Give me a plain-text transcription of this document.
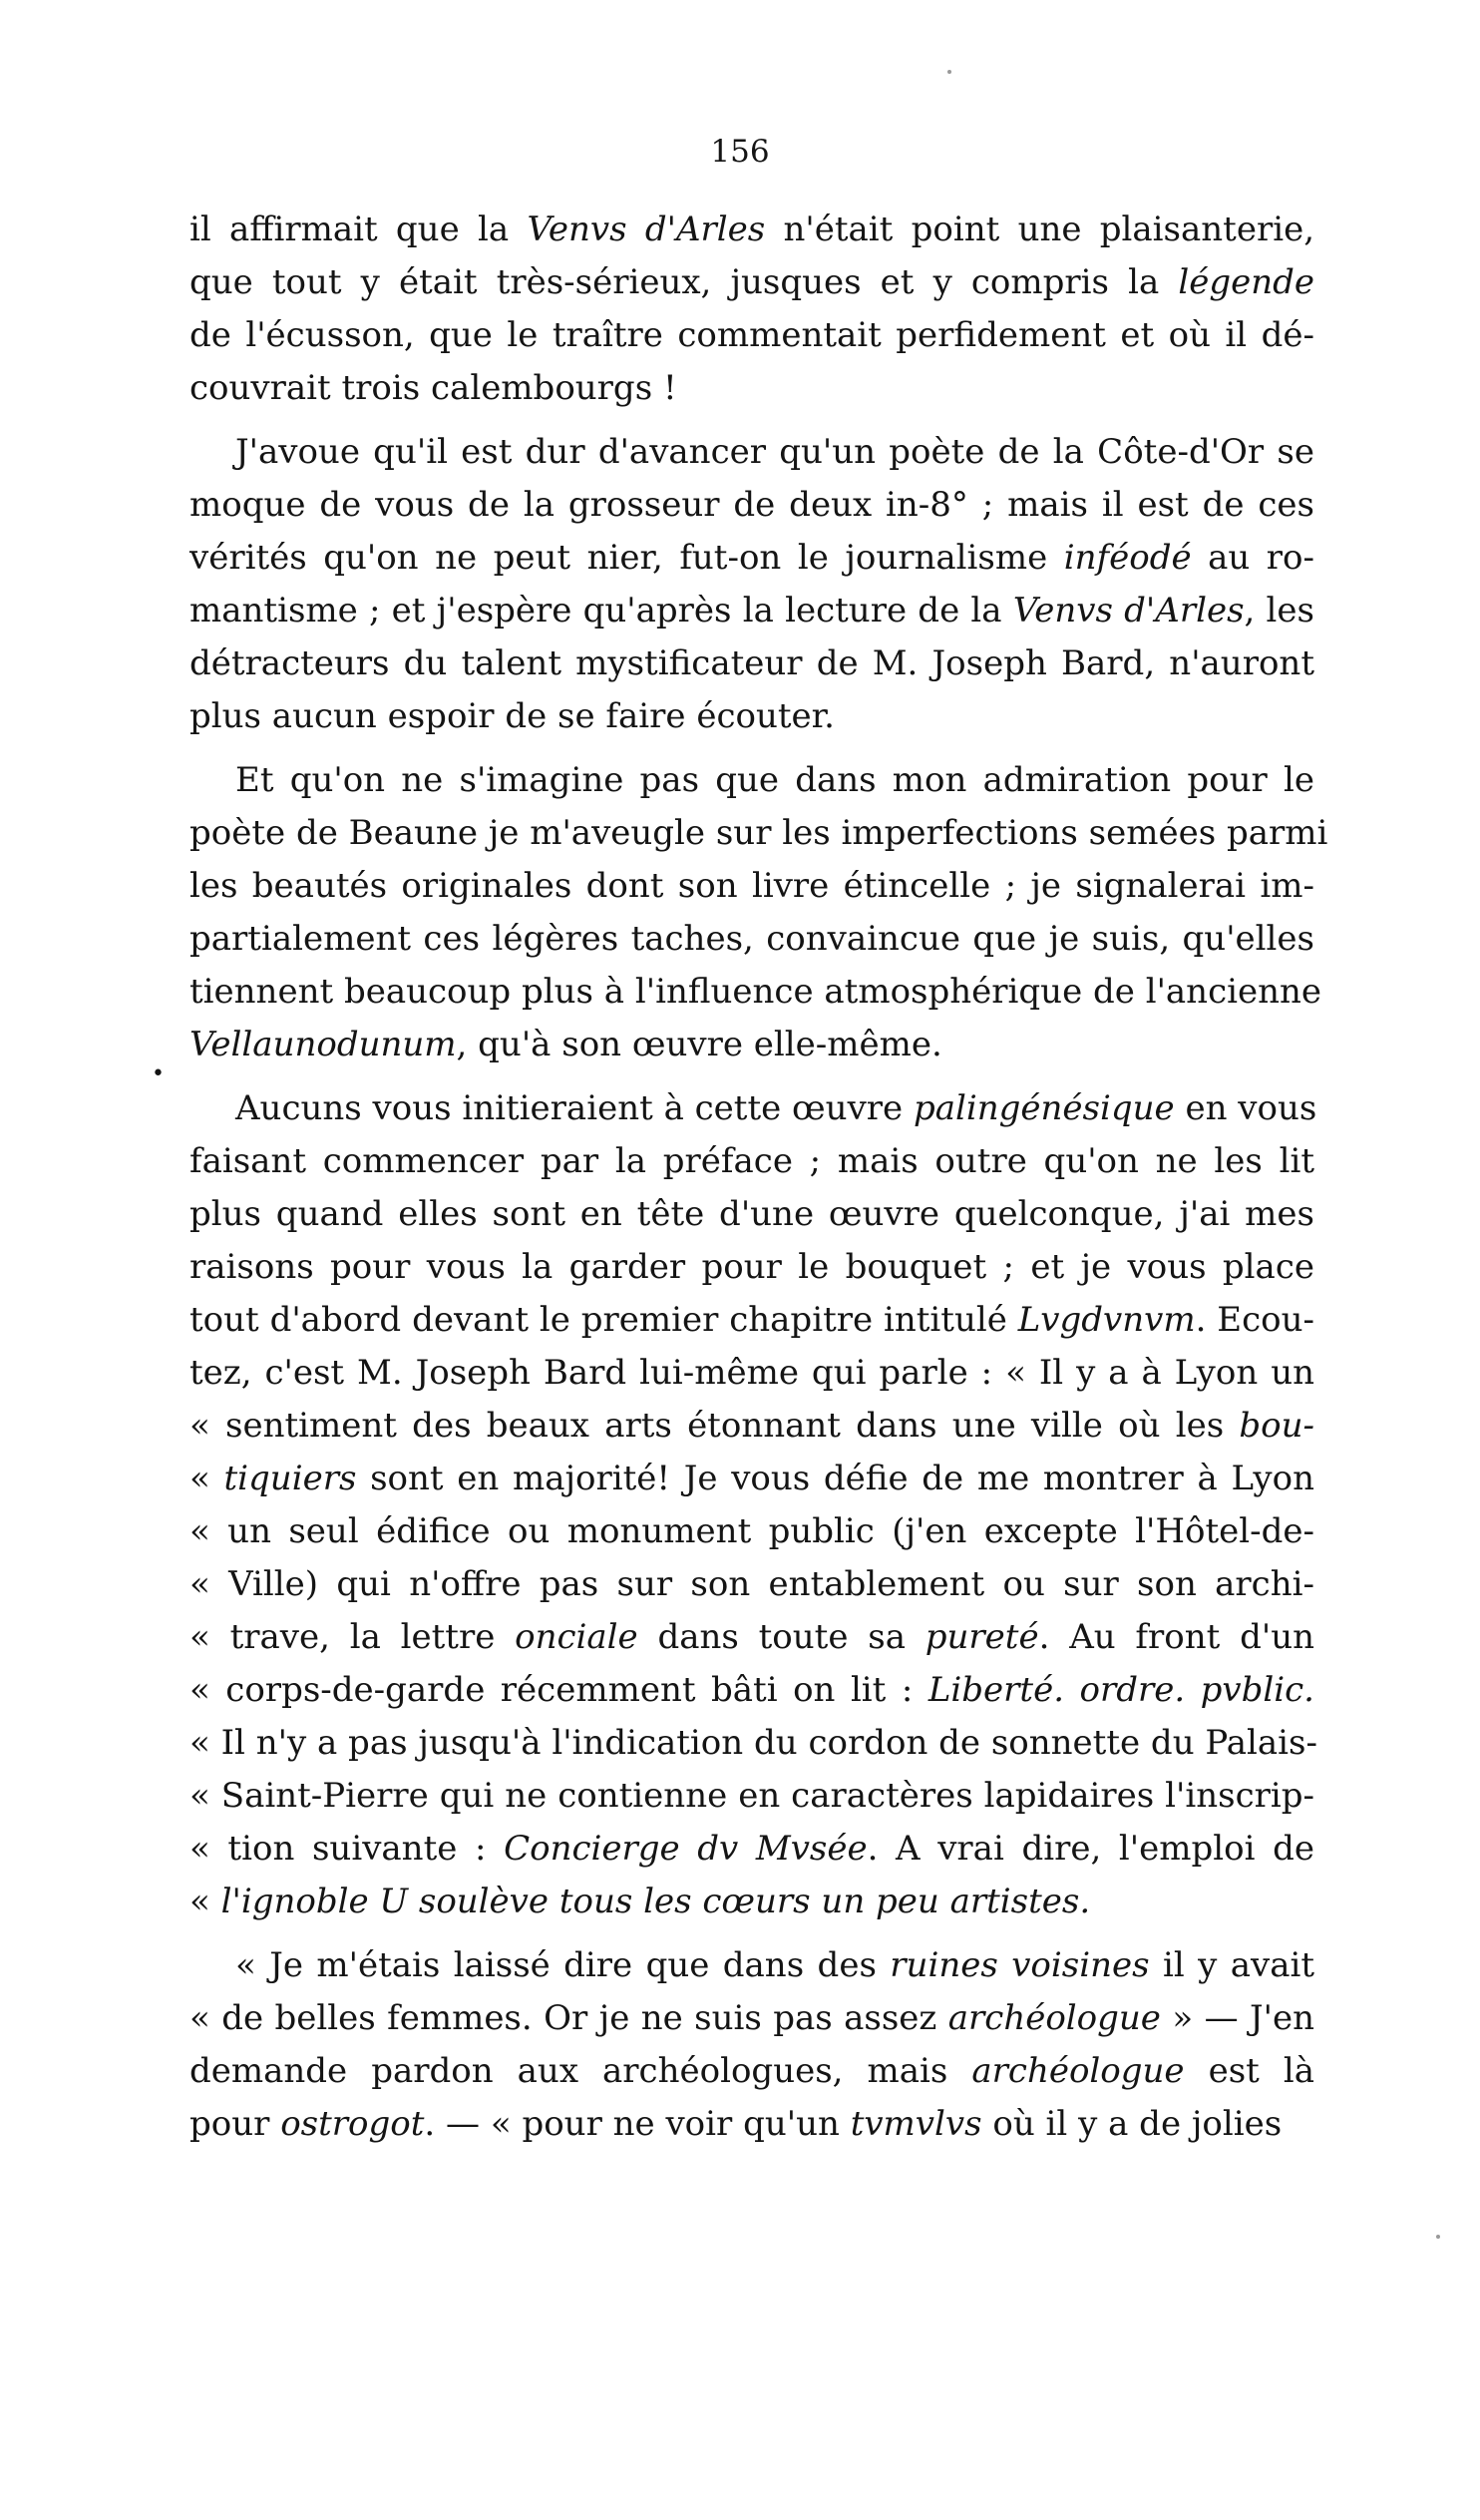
156
•
il affirmait que la Venvs d'Arles n'était point une plaisanterie,
que tout y était très-sérieux, jusques et y compris la légende
de l'écusson, que le traître commentait perfidement et où il dé-
couvrait trois calembourgs !
J'avoue qu'il est dur d'avancer qu'un poète de la Côte-d'Or se
moque de vous de la grosseur de deux in-8° ; mais il est de ces
vérités qu'on ne peut nier, fut-on le journalisme inféodé au ro-
mantisme ; et j'espère qu'après la lecture de la Venvs d'Arles, les
détracteurs du talent mystificateur de M. Joseph Bard, n'auront
plus aucun espoir de se faire écouter.
Et qu'on ne s'imagine pas que dans mon admiration pour le
poète de Beaune je m'aveugle sur les imperfections semées parmi
les beautés originales dont son livre étincelle ; je signalerai im-
partialement ces légères taches, convaincue que je suis, qu'elles
tiennent beaucoup plus à l'influence atmosphérique de l'ancienne
Vellaunodunum, qu'à son œuvre elle-même.
Aucuns vous initieraient à cette œuvre palingénésique en vous
faisant commencer par la préface ; mais outre qu'on ne les lit
plus quand elles sont en tête d'une œuvre quelconque, j'ai mes
raisons pour vous la garder pour le bouquet ; et je vous place
tout d'abord devant le premier chapitre intitulé Lvgdvnvm. Ecou-
tez, c'est M. Joseph Bard lui-même qui parle : « Il y a à Lyon un
« sentiment des beaux arts étonnant dans une ville où les bou-
« tiquiers sont en majorité! Je vous défie de me montrer à Lyon
« un seul édifice ou monument public (j'en excepte l'Hôtel-de-
« Ville) qui n'offre pas sur son entablement ou sur son archi-
« trave, la lettre onciale dans toute sa pureté. Au front d'un
« corps-de-garde récemment bâti on lit : Liberté. ordre. pvblic.
« Il n'y a pas jusqu'à l'indication du cordon de sonnette du Palais-
« Saint-Pierre qui ne contienne en caractères lapidaires l'inscrip-
« tion suivante : Concierge dv Mvsée. A vrai dire, l'emploi de
« l'ignoble U soulève tous les cœurs un peu artistes.
« Je m'étais laissé dire que dans des ruines voisines il y avait
« de belles femmes. Or je ne suis pas assez archéologue » — J'en
demande pardon aux archéologues, mais archéologue est là
pour ostrogot. — « pour ne voir qu'un tvmvlvs où il y a de jolies
